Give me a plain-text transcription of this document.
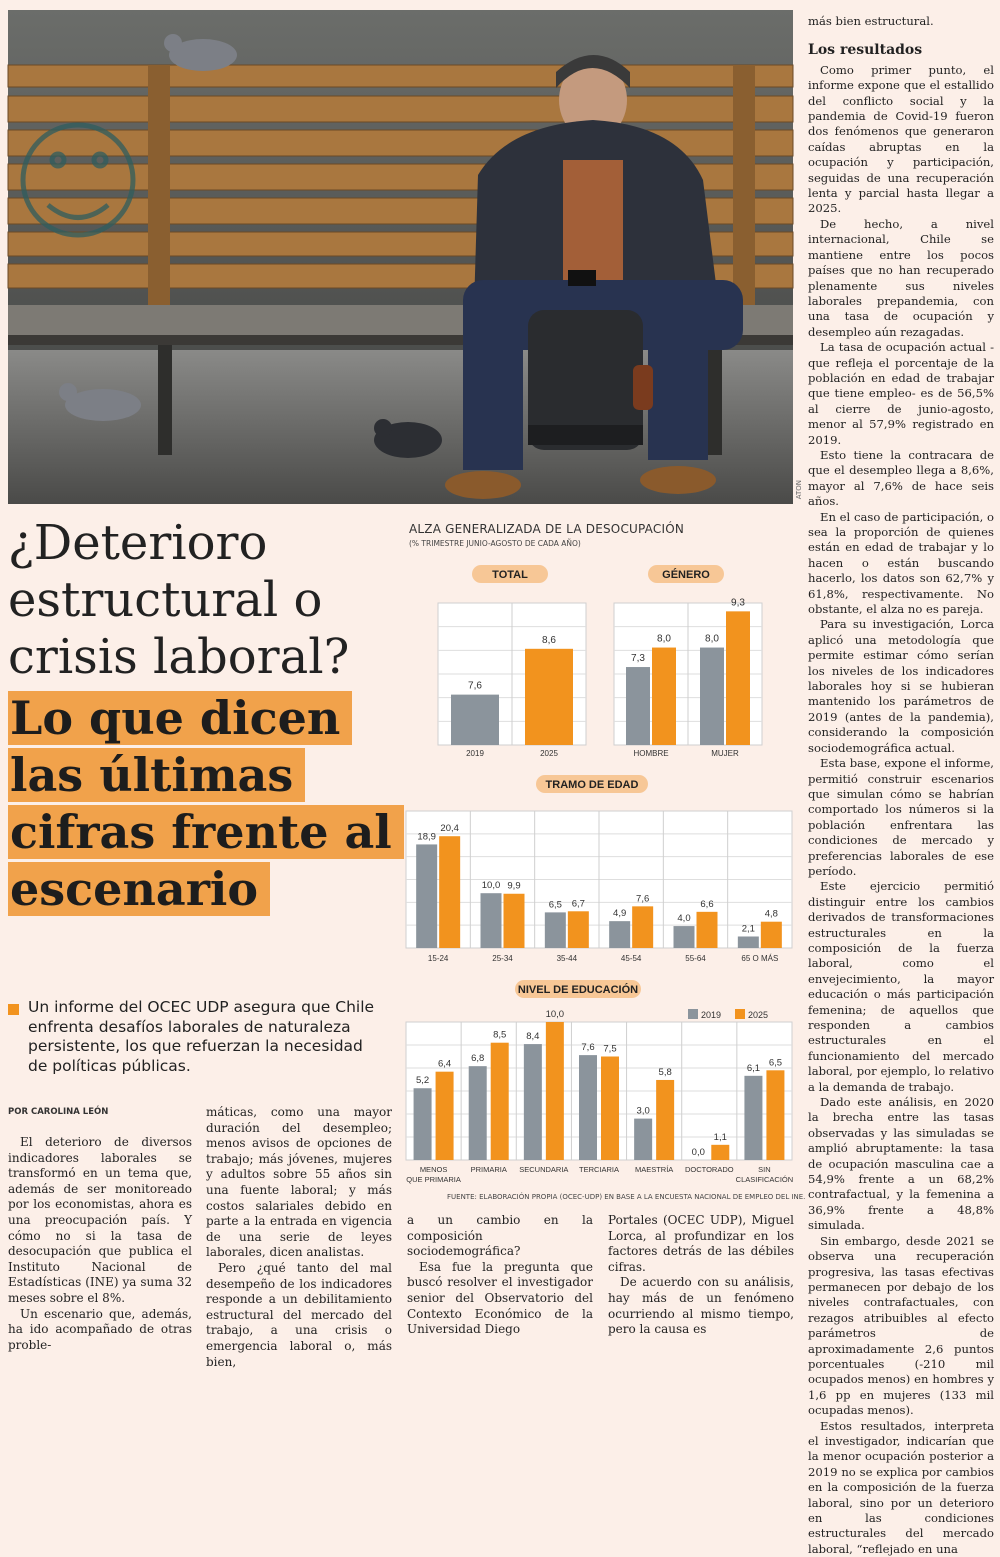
ATON
¿Deterioro
estructural o
crisis laboral?
Lo que dicen
las últimas
cifras frente al
escenario
Un informe del OCEC UDP asegura que Chile enfrenta desafíos laborales de naturaleza persistente, los que refuerzan la necesidad de políticas públicas.
POR CAROLINA LEÓN

El deterioro de diversos indicadores laborales se transformó en un tema que, además de ser monitoreado por los economistas, ahora es una preocupación país. Y cómo no si la tasa de desocupación que publica el Instituto Nacional de Estadísticas (INE) ya suma 32 meses sobre el 8%.

Un escenario que, además, ha ido acompañado de otras proble-

máticas, como una mayor duración del desempleo; menos avisos de opciones de trabajo; más jóvenes, mujeres y adultos sobre 55 años sin una fuente laboral; y más costos salariales debido en parte a la entrada en vigencia de una serie de leyes laborales, dicen analistas.

Pero ¿qué tanto del mal desempeño de los indicadores responde a un debilitamiento estructural del mercado del trabajo, a una crisis o emergencia laboral o, más bien,

a un cambio en la composición sociodemográfica?

Esa fue la pregunta que buscó resolver el investigador senior del Observatorio del Contexto Económico de la Universidad Diego

Portales (OCEC UDP), Miguel Lorca, al profundizar en los factores detrás de las débiles cifras.

De acuerdo con su análisis, hay más de un fenómeno ocurriendo al mismo tiempo, pero la causa es

más bien estructural.

Los resultados

Como primer punto, el informe expone que el estallido del conflicto social y la pandemia de Covid-19 fueron dos fenómenos que generaron caídas abruptas en la ocupación y participación, seguidas de una recuperación lenta y parcial hasta llegar a 2025.

De hecho, a nivel internacional, Chile se mantiene entre los pocos países que no han recuperado plenamente sus niveles laborales prepandemia, con una tasa de ocupación y desempleo aún rezagadas.

La tasa de ocupación actual -que refleja el porcentaje de la población en edad de trabajar que tiene empleo- es de 56,5% al cierre de junio-agosto, menor al 57,9% registrado en 2019.

Esto tiene la contracara de que el desempleo llega a 8,6%, mayor al 7,6% de hace seis años.

En el caso de participación, o sea la proporción de quienes están en edad de trabajar y lo hacen o están buscando hacerlo, los datos son 62,7% y 61,8%, respectivamente. No obstante, el alza no es pareja.

Para su investigación, Lorca aplicó una metodología que permite estimar cómo serían los niveles de los indicadores laborales hoy si se hubieran mantenido los parámetros de 2019 (antes de la pandemia), considerando la composición sociodemográfica actual.

Esta base, expone el informe, permitió construir escenarios que simulan cómo se habrían comportado los números si la población enfrentara las condiciones de mercado y preferencias laborales de ese período.

Este ejercicio permitió distinguir entre los cambios derivados de transformaciones estructurales en la composición de la fuerza laboral, como el envejecimiento, la mayor educación o más participación femenina; de aquellos que responden a cambios estructurales en el funcionamiento del mercado laboral, por ejemplo, lo relativo a la demanda de trabajo.

Dado este análisis, en 2020 la brecha entre las tasas observadas y las simuladas se amplió abruptamente: la tasa de ocupación masculina cae a 54,9% frente a un 68,2% contrafactual, y la femenina a 36,9% frente a 48,8% simulada.

Sin embargo, desde 2021 se observa una recuperación progresiva, las tasas efectivas permanecen por debajo de los niveles contrafactuales, con rezagos atribuibles al efecto parámetros de aproximadamente 2,6 puntos porcentuales (-210 mil ocupados menos) en hombres y 1,6 pp en mujeres (133 mil ocupadas menos).

Estos resultados, interpreta el investigador, indicarían que la menor ocupación posterior a 2019 no se explica por cambios en la composición de la fuerza laboral, sino por un deterioro en las condiciones estructurales del mercado laboral, “reflejado en una

ALZA GENERALIZADA DE LA DESOCUPACIÓN
(% TRIMESTRE JUNIO-AGOSTO DE CADA AÑO)
TOTAL
7,6
2019
8,6
2025
GÉNERO
7,3
8,0
HOMBRE
8,0
9,3
MUJER
TRAMO DE EDAD
18,9
20,4
15-24
10,0 9,9
25-34
6,5 6,7
35-44
4,9
7,6
45-54
4,0
6,6
55-64
2,1
4,8
65 O MÁS
NIVEL DE EDUCACIÓN
2019	2025
5,2
6,4
MENOS
QUE PRIMARIA
6,8
8,5
PRIMARIA
8,4
10,0
SECUNDARIA
7,6 7,5
TERCIARIA
3,0
5,8
MAESTRÍA
0,0
1,1
DOCTORADO
6,1
6,5
SIN
CLASIFICACIÓN
FUENTE: ELABORACIÓN PROPIA (OCEC-UDP) EN BASE A LA ENCUESTA NACIONAL DE EMPLEO DEL INE.
